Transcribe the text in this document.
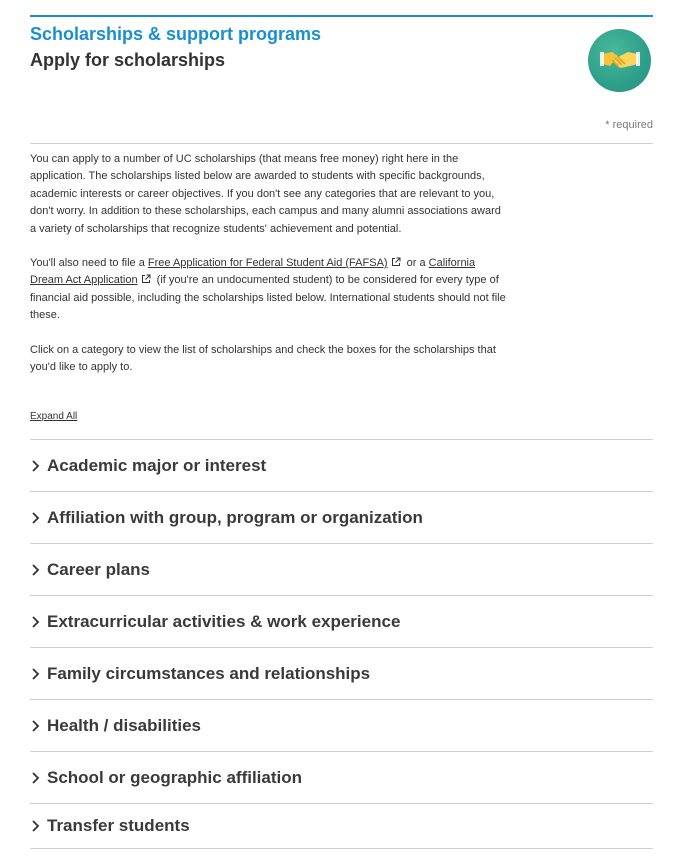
Scholarships & support programs
Apply for scholarships
* required

You can apply to a number of UC scholarships (that means free money) right here in the application. The scholarships listed below are awarded to students with specific backgrounds, academic interests or career objectives. If you don't see any categories that are relevant to you, don't worry. In addition to these scholarships, each campus and many alumni associations award a variety of scholarships that recognize students' achievement and potential.

You'll also need to file a Free Application for Federal Student Aid (FAFSA) or a California Dream Act Application (if you're an undocumented student) to be considered for every type of financial aid possible, including the scholarships listed below. International students should not file these.

Click on a category to view the list of scholarships and check the boxes for the scholarships that you'd like to apply to.

Expand All
Academic major or interest
Affiliation with group, program or organization
Career plans
Extracurricular activities & work experience
Family circumstances and relationships
Health / disabilities
School or geographic affiliation
Transfer students
